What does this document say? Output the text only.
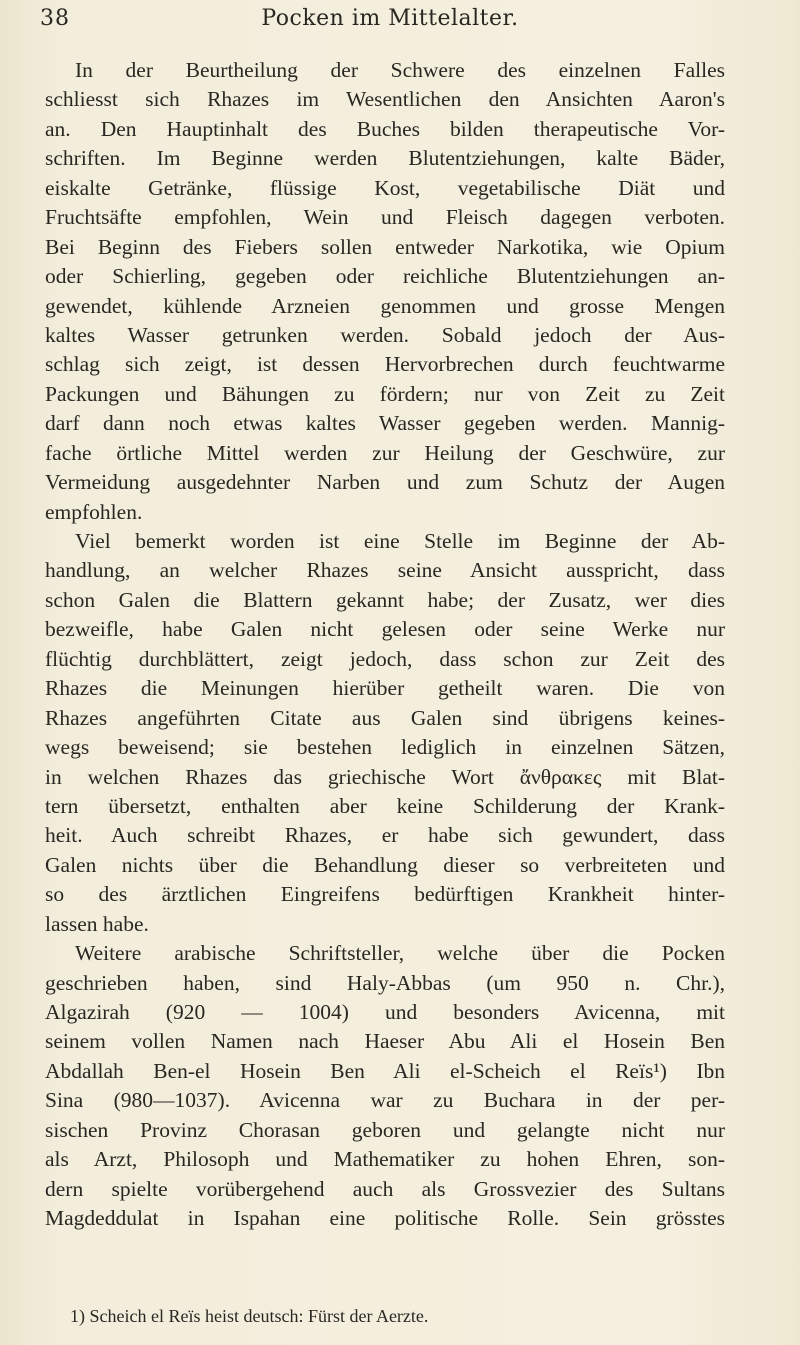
38	Pocken im Mittelalter.
In der Beurtheilung der Schwere des einzelnen Falles
schliesst sich Rhazes im Wesentlichen den Ansichten Aaron's
an. Den Hauptinhalt des Buches bilden therapeutische Vor-
schriften. Im Beginne werden Blutentziehungen, kalte Bäder,
eiskalte Getränke, flüssige Kost, vegetabilische Diät und
Fruchtsäfte empfohlen, Wein und Fleisch dagegen verboten.
Bei Beginn des Fiebers sollen entweder Narkotika, wie Opium
oder Schierling, gegeben oder reichliche Blutentziehungen an-
gewendet, kühlende Arzneien genommen und grosse Mengen
kaltes Wasser getrunken werden. Sobald jedoch der Aus-
schlag sich zeigt, ist dessen Hervorbrechen durch feuchtwarme
Packungen und Bähungen zu fördern; nur von Zeit zu Zeit
darf dann noch etwas kaltes Wasser gegeben werden. Mannig-
fache örtliche Mittel werden zur Heilung der Geschwüre, zur
Vermeidung ausgedehnter Narben und zum Schutz der Augen
empfohlen.
Viel bemerkt worden ist eine Stelle im Beginne der Ab-
handlung, an welcher Rhazes seine Ansicht ausspricht, dass
schon Galen die Blattern gekannt habe; der Zusatz, wer dies
bezweifle, habe Galen nicht gelesen oder seine Werke nur
flüchtig durchblättert, zeigt jedoch, dass schon zur Zeit des
Rhazes die Meinungen hierüber getheilt waren. Die von
Rhazes angeführten Citate aus Galen sind übrigens keines-
wegs beweisend; sie bestehen lediglich in einzelnen Sätzen,
in welchen Rhazes das griechische Wort ἄνθρακες mit Blat-
tern übersetzt, enthalten aber keine Schilderung der Krank-
heit. Auch schreibt Rhazes, er habe sich gewundert, dass
Galen nichts über die Behandlung dieser so verbreiteten und
so des ärztlichen Eingreifens bedürftigen Krankheit hinter-
lassen habe.
Weitere arabische Schriftsteller, welche über die Pocken
geschrieben haben, sind Haly-Abbas (um 950 n. Chr.),
Algazirah (920 — 1004) und besonders Avicenna, mit
seinem vollen Namen nach Haeser Abu Ali el Hosein Ben
Abdallah Ben-el Hosein Ben Ali el-Scheich el Reïs¹) Ibn
Sina (980—1037). Avicenna war zu Buchara in der per-
sischen Provinz Chorasan geboren und gelangte nicht nur
als Arzt, Philosoph und Mathematiker zu hohen Ehren, son-
dern spielte vorübergehend auch als Grossvezier des Sultans
Magdeddulat in Ispahan eine politische Rolle. Sein grösstes
1) Scheich el Reïs heist deutsch: Fürst der Aerzte.
